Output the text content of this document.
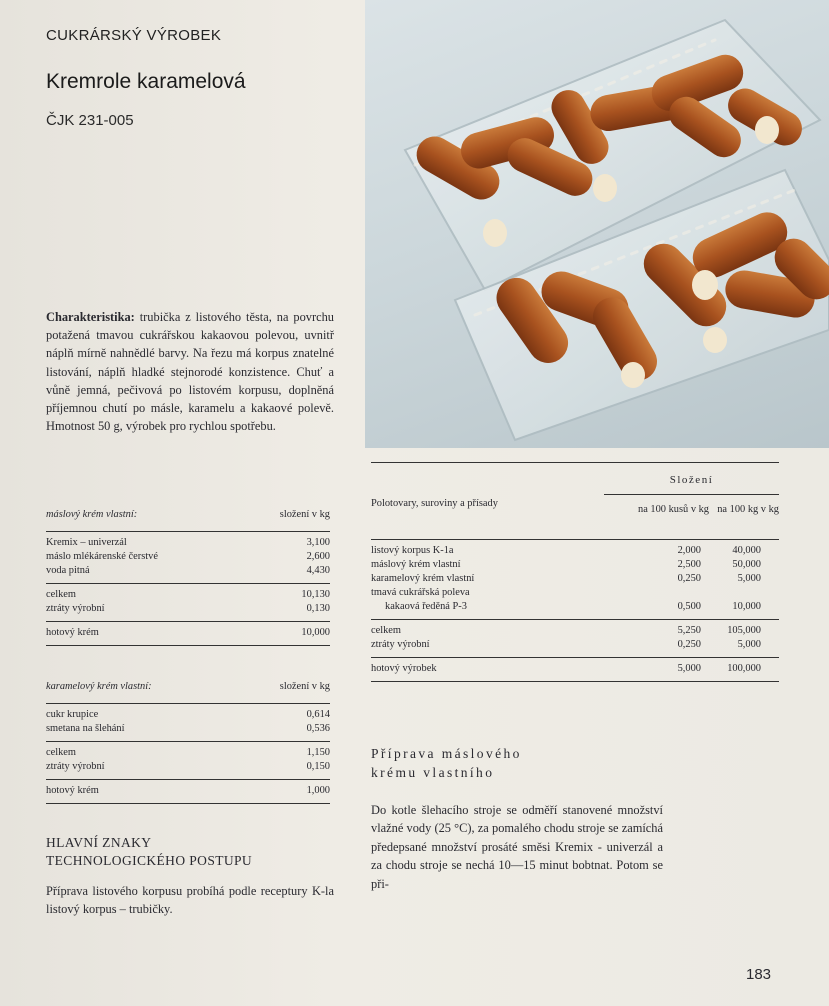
CUKRÁRSKÝ VÝROBEK
Kremrole karamelová
ČJK 231-005
Charakteristika: trubička z listového těsta, na povrchu potažená tmavou cukrářskou kakaovou polevou, uvnitř náplň mírně nahnědlé barvy. Na řezu má korpus znatelné listování, náplň hladké stejnorodé konzistence. Chuť a vůně jemná, pečivová po listovém korpusu, doplněná příjemnou chutí po másle, karamelu a kakaové polevě. Hmotnost 50 g, výrobek pro rychlou spotřebu.
máslový krém vlastní:	složení v kg
Kremix – univerzál	3,100
máslo mlékárenské čerstvé	2,600
voda pitná	4,430
celkem	10,130
ztráty výrobní	0,130
hotový krém	10,000
karamelový krém vlastní:	složení v kg
cukr krupice	0,614
smetana na šlehání	0,536
celkem	1,150
ztráty výrobní	0,150
hotový krém	1,000
HLAVNÍ ZNAKY
TECHNOLOGICKÉHO POSTUPU
Příprava listového korpusu probíhá podle receptury K-la listový korpus – trubičky.
Polotovary, suroviny a přísady
Složení
na 100 kusů v kg na 100 kg v kg
listový korpus K-1a	2,000	40,000
máslový krém vlastní	2,500	50,000
karamelový krém vlastní	0,250	5,000
tmavá cukrářská poleva
kakaová ředěná P-3	0,500	10,000
celkem	5,250	105,000
ztráty výrobní	0,250	5,000
hotový výrobek	5,000	100,000
Příprava máslového
krému vlastního
Do kotle šlehacího stroje se odměří stanovené množství vlažné vody (25 °C), za pomalého chodu stroje se zamíchá předepsané množství prosáté směsi Kremix - univerzál a za chodu stroje se nechá 10—15 minut bobtnat. Potom se při-
183
